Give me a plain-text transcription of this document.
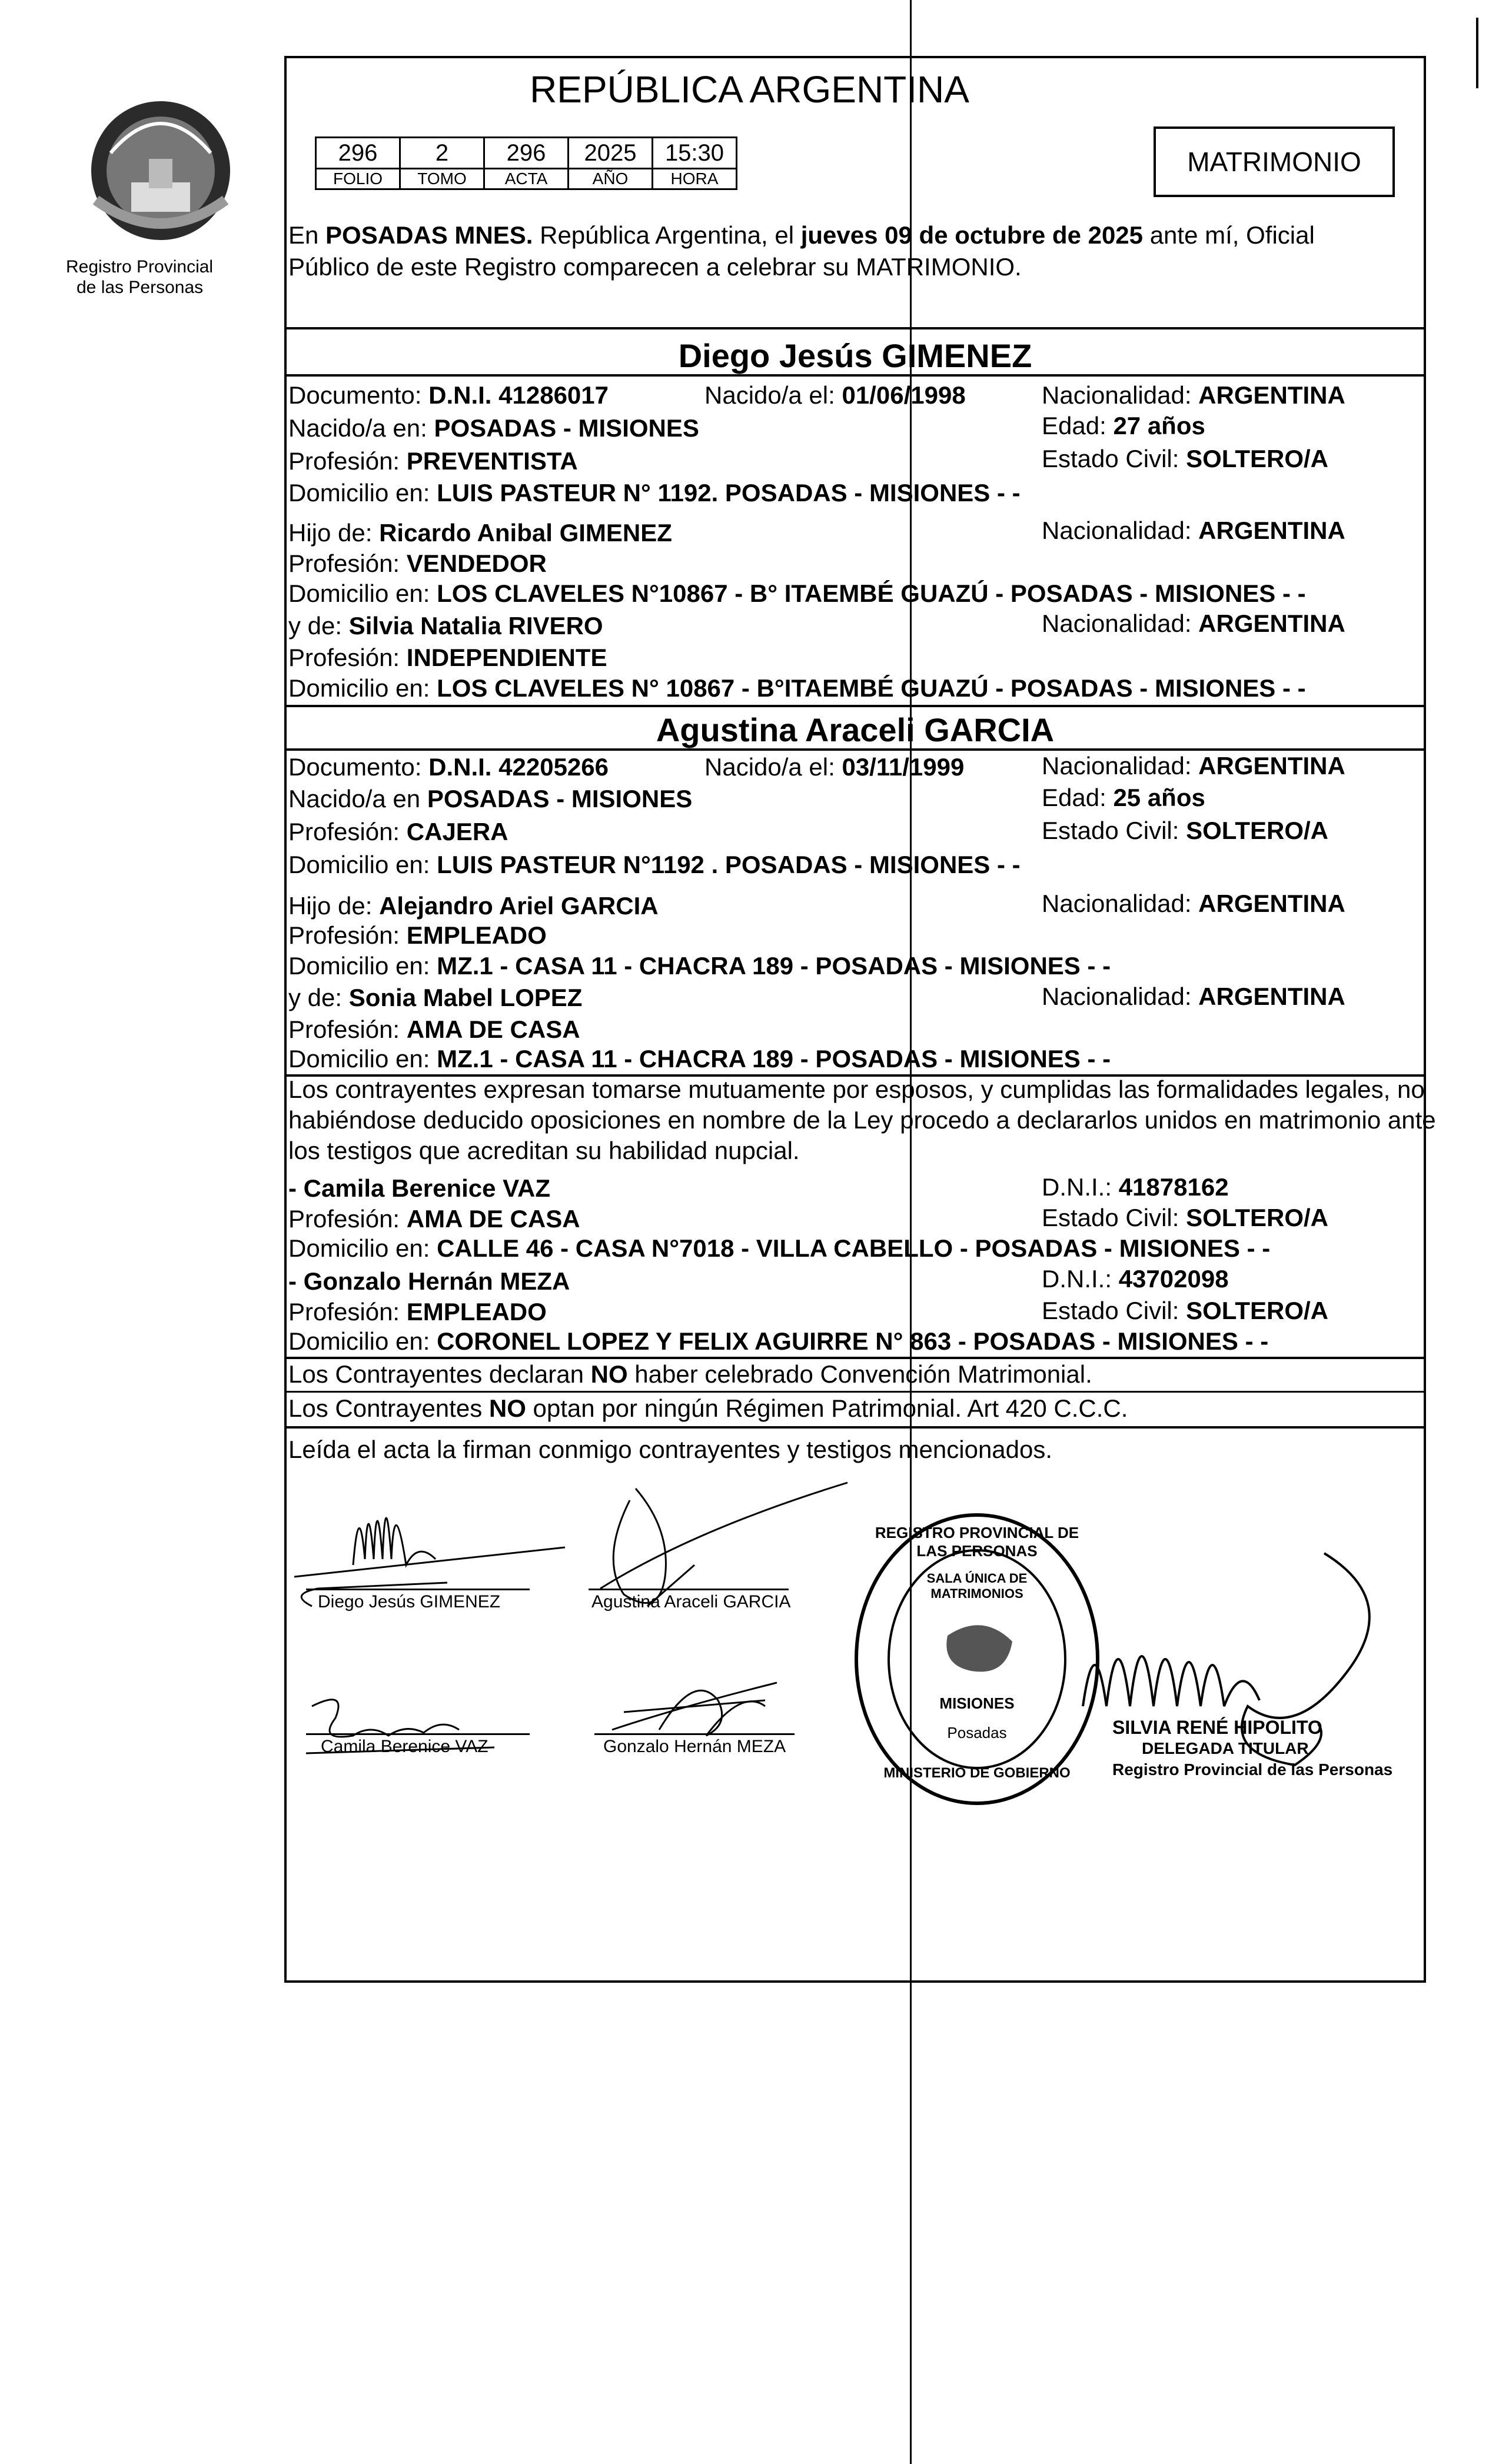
Registro Provincial
de las Personas
REPÚBLICA ARGENTINA
296	2	296	2025	15:30
FOLIO	TOMO	ACTA	AÑO	HORA
MATRIMONIO
En POSADAS MNES. República Argentina, el jueves 09 de octubre de 2025 ante mí, Oficial
Público de este Registro comparecen a celebrar su MATRIMONIO.
Diego Jesús GIMENEZ
Documento: D.N.I. 41286017	Nacido/a el: 01/06/1998	Nacionalidad: ARGENTINA
Nacido/a en: POSADAS - MISIONES	Edad: 27 años
Profesión: PREVENTISTA	Estado Civil: SOLTERO/A
Domicilio en: LUIS PASTEUR N° 1192. POSADAS - MISIONES - -
Hijo de: Ricardo Anibal GIMENEZ	Nacionalidad: ARGENTINA
Profesión: VENDEDOR
Domicilio en: LOS CLAVELES N°10867 - B° ITAEMBÉ GUAZÚ - POSADAS - MISIONES - -
y de: Silvia Natalia RIVERO	Nacionalidad: ARGENTINA
Profesión: INDEPENDIENTE
Domicilio en: LOS CLAVELES N° 10867 - B°ITAEMBÉ GUAZÚ - POSADAS - MISIONES - -
Agustina Araceli GARCIA
Documento: D.N.I. 42205266	Nacido/a el: 03/11/1999	Nacionalidad: ARGENTINA
Nacido/a en POSADAS - MISIONES	Edad: 25 años
Profesión: CAJERA	Estado Civil: SOLTERO/A
Domicilio en: LUIS PASTEUR N°1192 . POSADAS - MISIONES - -
Hijo de: Alejandro Ariel GARCIA	Nacionalidad: ARGENTINA
Profesión: EMPLEADO
Domicilio en: MZ.1 - CASA 11 - CHACRA 189 - POSADAS - MISIONES - -
y de: Sonia Mabel LOPEZ	Nacionalidad: ARGENTINA
Profesión: AMA DE CASA
Domicilio en: MZ.1 - CASA 11 - CHACRA 189 - POSADAS - MISIONES - -
Los contrayentes expresan tomarse mutuamente por esposos, y cumplidas las formalidades legales, no
habiéndose deducido oposiciones en nombre de la Ley procedo a declararlos unidos en matrimonio ante
los testigos que acreditan su habilidad nupcial.
- Camila Berenice VAZ	D.N.I.: 41878162
Profesión: AMA DE CASA	Estado Civil: SOLTERO/A
Domicilio en: CALLE 46 - CASA N°7018 - VILLA CABELLO - POSADAS - MISIONES - -
- Gonzalo Hernán MEZA	D.N.I.: 43702098
Profesión: EMPLEADO	Estado Civil: SOLTERO/A
Domicilio en: CORONEL LOPEZ Y FELIX AGUIRRE N° 863 - POSADAS - MISIONES - -
Los Contrayentes declaran NO haber celebrado Convención Matrimonial.
Los Contrayentes NO optan por ningún Régimen Patrimonial. Art 420 C.C.C.
Leída el acta la firman conmigo contrayentes y testigos mencionados.
Diego Jesús GIMENEZ	Agustina Araceli GARCIA
Camila Berenice VAZ	Gonzalo Hernán MEZA
REGISTRO PROVINCIAL DE LAS PERSONAS
SALA ÚNICA DE MATRIMONIOS
MISIONES
Posadas
MINISTERIO DE GOBIERNO
SILVIA RENÉ HIPOLITO
DELEGADA TITULAR
Registro Provincial de las Personas
